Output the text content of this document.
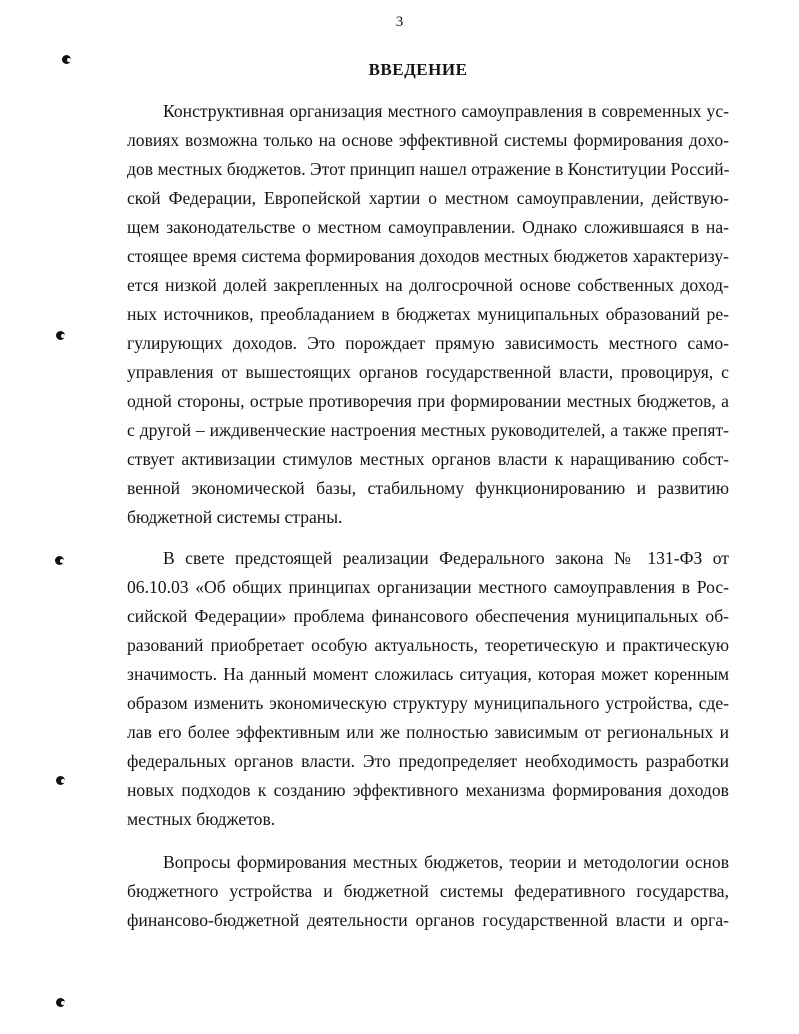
3
ВВЕДЕНИЕ
Конструктивная организация местного самоуправления в современных ус-
ловиях возможна только на основе эффективной системы формирования дохо-
дов местных бюджетов. Этот принцип нашел отражение в Конституции Россий-
ской Федерации, Европейской хартии о местном самоуправлении, действую-
щем законодательстве о местном самоуправлении. Однако сложившаяся в на-
стоящее время система формирования доходов местных бюджетов характеризу-
ется низкой долей закрепленных на долгосрочной основе собственных доход-
ных источников, преобладанием в бюджетах муниципальных образований ре-
гулирующих доходов. Это порождает прямую зависимость местного само-
управления от вышестоящих органов государственной власти, провоцируя, с
одной стороны, острые противоречия при формировании местных бюджетов, а
с другой – иждивенческие настроения местных руководителей, а также препят-
ствует активизации стимулов местных органов власти к наращиванию собст-
венной экономической базы, стабильному функционированию и развитию
бюджетной системы страны.
В свете предстоящей реализации Федерального закона № 131-ФЗ от
06.10.03 «Об общих принципах организации местного самоуправления в Рос-
сийской Федерации» проблема финансового обеспечения муниципальных об-
разований приобретает особую актуальность, теоретическую и практическую
значимость. На данный момент сложилась ситуация, которая может коренным
образом изменить экономическую структуру муниципального устройства, сде-
лав его более эффективным или же полностью зависимым от региональных и
федеральных органов власти. Это предопределяет необходимость разработки
новых подходов к созданию эффективного механизма формирования доходов
местных бюджетов.
Вопросы формирования местных бюджетов, теории и методологии основ
бюджетного устройства и бюджетной системы федеративного государства,
финансово-бюджетной деятельности органов государственной власти и орга-
